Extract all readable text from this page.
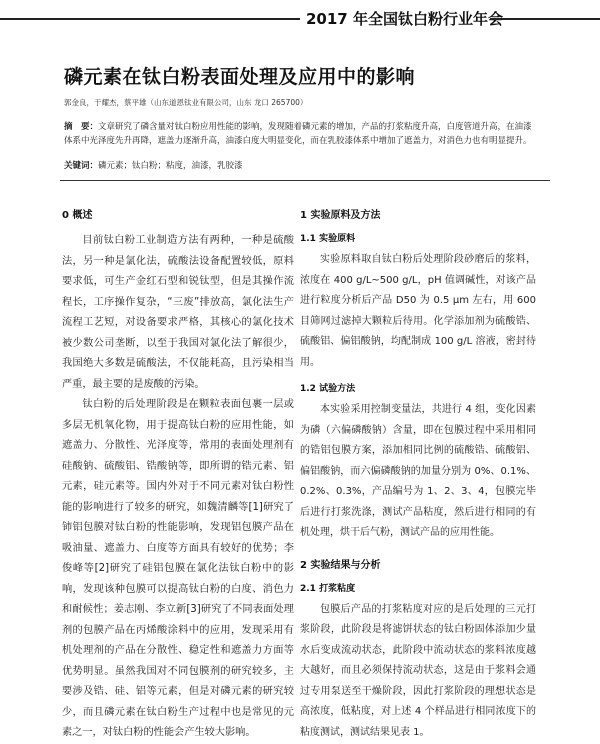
2017 年全国钛白粉行业年会
磷元素在钛白粉表面处理及应用中的影响
郭金良，于耀杰，蔡平雄（山东道恩钛业有限公司，山东 龙口 265700）
摘　要：文章研究了磷含量对钛白粉应用性能的影响，发现随着磷元素的增加，产品的打浆粘度升高，白度管道升高，在油漆体系中光泽度先升再降，遮盖力逐渐升高，油漆白度大明显变化，而在乳胶漆体系中增加了遮盖力，对消色力也有明显提升。
关键词：磷元素；钛白粉；粘度，油漆，乳胶漆
0 概述

目前钛白粉工业制造方法有两种，一种是硫酸法，另一种是氯化法，硫酸法设备配置较低，原料要求低，可生产金红石型和锐钛型，但是其操作流程长，工序操作复杂，“三废”排放高，氯化法生产流程工艺短，对设备要求严格，其核心的氯化技术被少数公司垄断，以至于我国对氯化法了解很少，我国绝大多数是硫酸法，不仅能耗高，且污染相当严重，最主要的是废酸的污染。

钛白粉的后处理阶段是在颗粒表面包裹一层或多层无机氧化物，用于提高钛白粉的应用性能，如遮盖力、分散性、光泽度等，常用的表面处理剂有硅酸钠、硫酸铝、锆酸钠等，即所谓的锆元素、铝元素，硅元素等。国内外对于不同元素对钛白粉性能的影响进行了较多的研究，如魏清麟等[1]研究了铈铝包膜对钛白粉的性能影响，发现铝包膜产品在吸油量、遮盖力、白度等方面具有较好的优势；李俊峰等[2]研究了硅铝包膜在氯化法钛白粉中的影响，发现该种包膜可以提高钛白粉的白度、消色力和耐候性；姜志刚、李立新[3]研究了不同表面处理剂的包膜产品在丙烯酸涂料中的应用，发现采用有机处理剂的产品在分散性、稳定性和遮盖力方面等优势明显。虽然我国对不同包膜剂的研究较多，主要涉及锆、硅、铝等元素，但是对磷元素的研究较少，而且磷元素在钛白粉生产过程中也是常见的元素之一，对钛白粉的性能会产生较大影响。

1 实验原料及方法
1.1 实验原料

实验原料取自钛白粉后处理阶段砂磨后的浆料，浓度在 400 g/L~500 g/L，pH 值调碱性，对该产品进行粒度分析后产品 D50 为 0.5 μm 左右，用 600 目筛网过滤掉大颗粒后待用。化学添加剂为硫酸锆、硫酸铝、偏铝酸钠，均配制成 100 g/L 溶液，密封待用。

1.2 试验方法

本实验采用控制变量法，共进行 4 组，变化因素为磷（六偏磷酸钠）含量，即在包膜过程中采用相同的锆铝包膜方案，添加相同比例的硫酸锆、硫酸铝、偏铝酸钠，而六偏磷酸钠的加量分别为 0%、0.1%、0.2%、0.3%，产品编号为 1、2、3、4，包膜完毕后进行打浆洗涤，测试产品粘度，然后进行相同的有机处理，烘干后气粉，测试产品的应用性能。

2 实验结果与分析
2.1 打浆粘度

包膜后产品的打浆粘度对应的是后处理的三元打浆阶段，此阶段是将滤饼状态的钛白粉固体添加少量水后变成流动状态，此阶段中流动状态的浆料浓度越大越好，而且必须保持流动状态，这是由于浆料会通过专用泵送至干燥阶段，因此打浆阶段的理想状态是高浓度，低粘度，对上述 4 个样品进行相同浓度下的粘度测试，测试结果见表 1。
